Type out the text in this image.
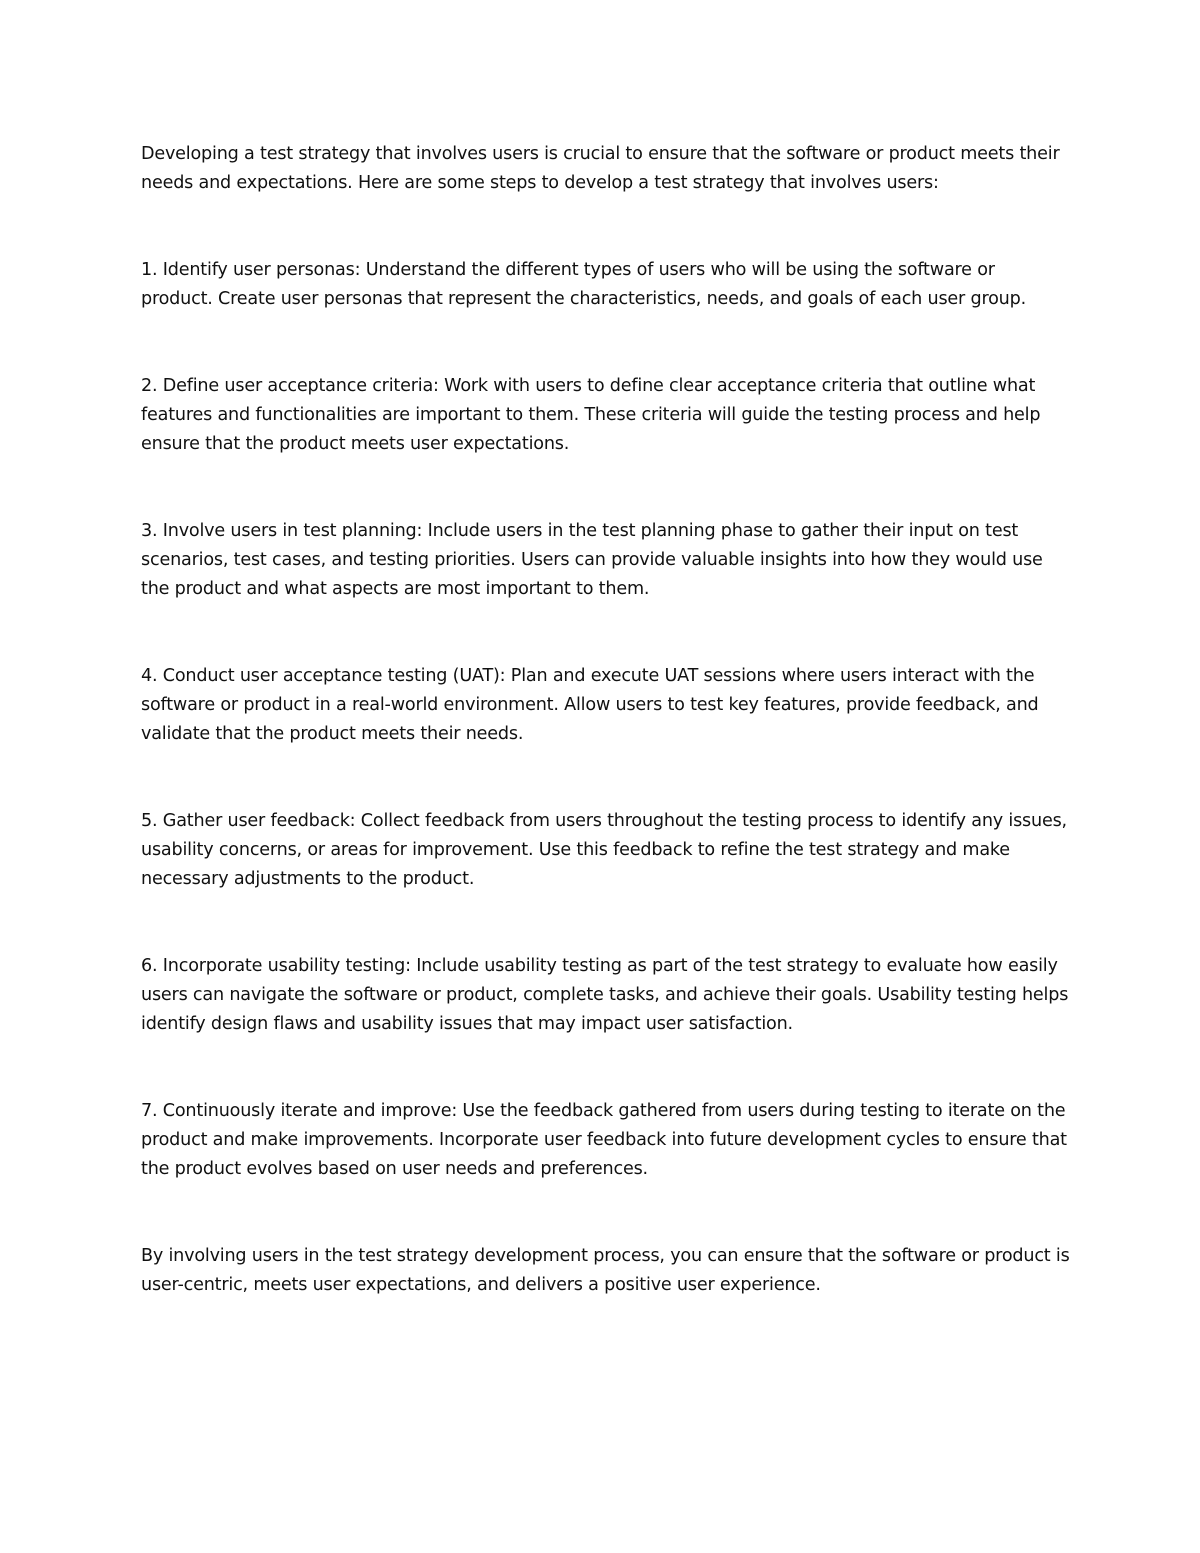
Developing a test strategy that involves users is crucial to ensure that the software or product meets their needs and expectations. Here are some steps to develop a test strategy that involves users:

1. Identify user personas: Understand the different types of users who will be using the software or product. Create user personas that represent the characteristics, needs, and goals of each user group.

2. Define user acceptance criteria: Work with users to define clear acceptance criteria that outline what features and functionalities are important to them. These criteria will guide the testing process and help ensure that the product meets user expectations.

3. Involve users in test planning: Include users in the test planning phase to gather their input on test scenarios, test cases, and testing priorities. Users can provide valuable insights into how they would use the product and what aspects are most important to them.

4. Conduct user acceptance testing (UAT): Plan and execute UAT sessions where users interact with the software or product in a real-world environment. Allow users to test key features, provide feedback, and validate that the product meets their needs.

5. Gather user feedback: Collect feedback from users throughout the testing process to identify any issues, usability concerns, or areas for improvement. Use this feedback to refine the test strategy and make necessary adjustments to the product.

6. Incorporate usability testing: Include usability testing as part of the test strategy to evaluate how easily users can navigate the software or product, complete tasks, and achieve their goals. Usability testing helps identify design flaws and usability issues that may impact user satisfaction.

7. Continuously iterate and improve: Use the feedback gathered from users during testing to iterate on the product and make improvements. Incorporate user feedback into future development cycles to ensure that the product evolves based on user needs and preferences.

By involving users in the test strategy development process, you can ensure that the software or product is user-centric, meets user expectations, and delivers a positive user experience.
